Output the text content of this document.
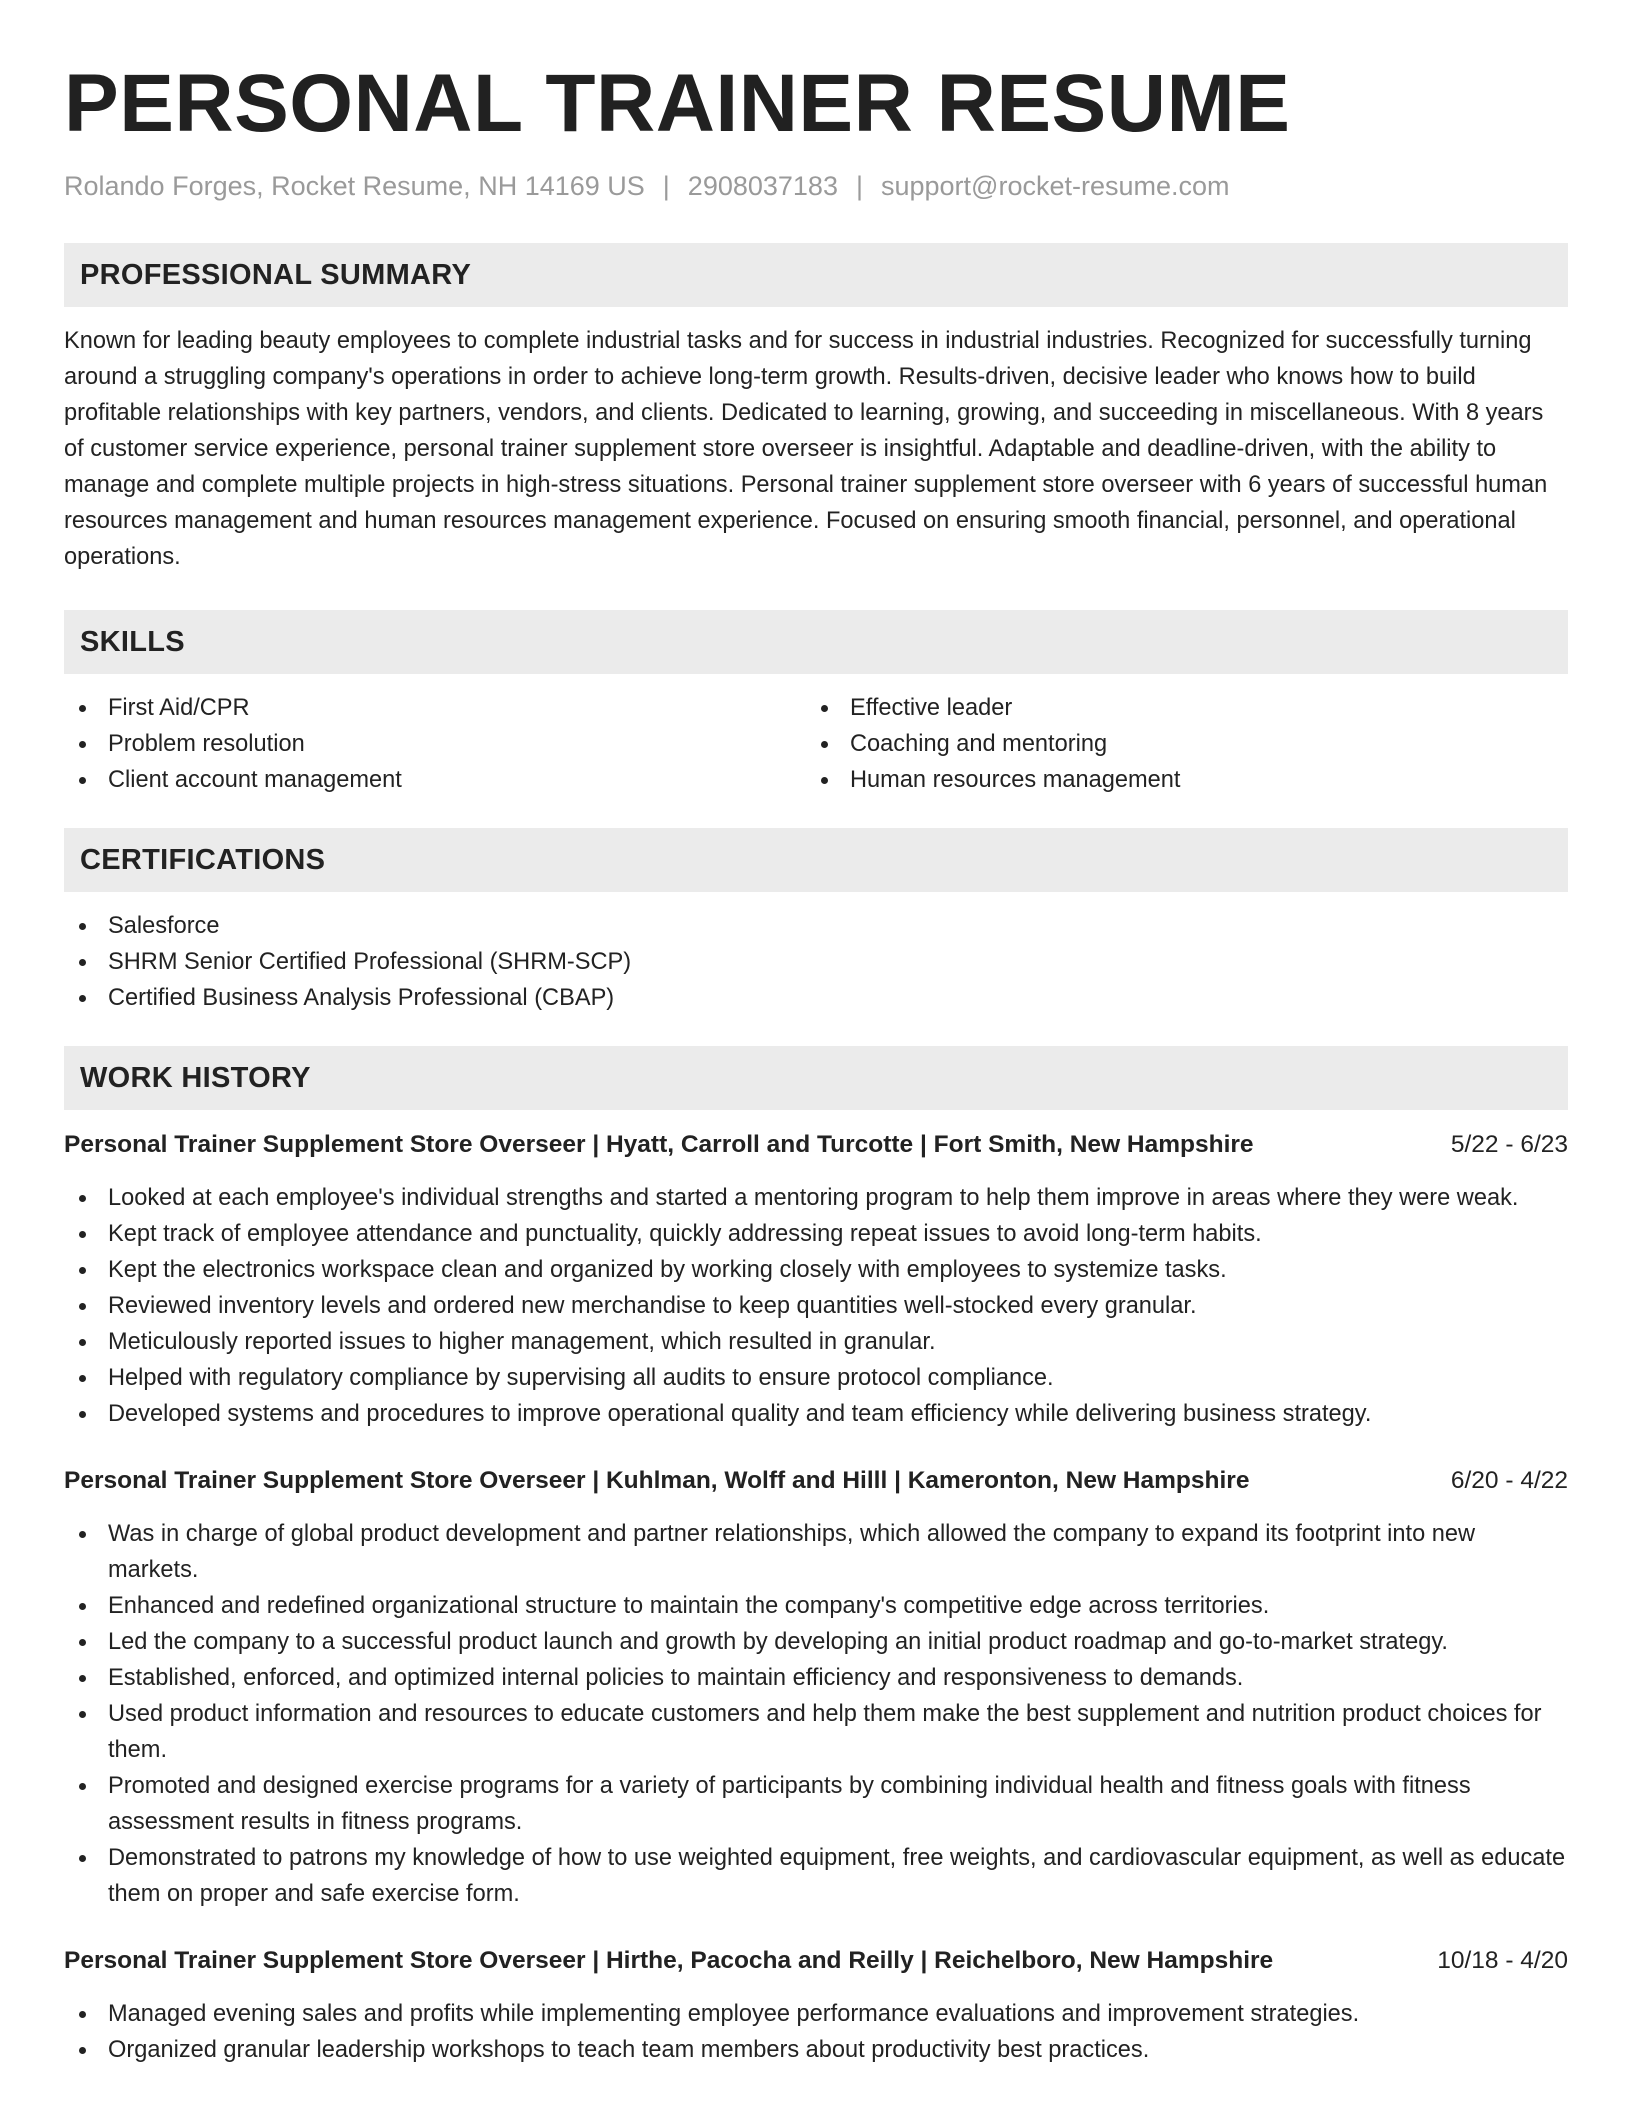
PERSONAL TRAINER RESUME
Rolando Forges, Rocket Resume, NH 14169 US | 2908037183 | support@rocket-resume.com
PROFESSIONAL SUMMARY

Known for leading beauty employees to complete industrial tasks and for success in industrial industries. Recognized for successfully turning around a struggling company's operations in order to achieve long-term growth. Results-driven, decisive leader who knows how to build profitable relationships with key partners, vendors, and clients. Dedicated to learning, growing, and succeeding in miscellaneous. With 8 years of customer service experience, personal trainer supplement store overseer is insightful. Adaptable and deadline-driven, with the ability to manage and complete multiple projects in high-stress situations. Personal trainer supplement store overseer with 6 years of successful human resources management and human resources management experience. Focused on ensuring smooth financial, personnel, and operational operations.

SKILLS
First Aid/CPR
Problem resolution
Client account management
Effective leader
Coaching and mentoring
Human resources management
CERTIFICATIONS
Salesforce
SHRM Senior Certified Professional (SHRM-SCP)
Certified Business Analysis Professional (CBAP)
WORK HISTORY
Personal Trainer Supplement Store Overseer | Hyatt, Carroll and Turcotte | Fort Smith, New Hampshire	5/22 - 6/23
Looked at each employee's individual strengths and started a mentoring program to help them improve in areas where they were weak.
Kept track of employee attendance and punctuality, quickly addressing repeat issues to avoid long-term habits.
Kept the electronics workspace clean and organized by working closely with employees to systemize tasks.
Reviewed inventory levels and ordered new merchandise to keep quantities well-stocked every granular.
Meticulously reported issues to higher management, which resulted in granular.
Helped with regulatory compliance by supervising all audits to ensure protocol compliance.
Developed systems and procedures to improve operational quality and team efficiency while delivering business strategy.
Personal Trainer Supplement Store Overseer | Kuhlman, Wolff and Hilll | Kameronton, New Hampshire	6/20 - 4/22
Was in charge of global product development and partner relationships, which allowed the company to expand its footprint into new markets.
Enhanced and redefined organizational structure to maintain the company's competitive edge across territories.
Led the company to a successful product launch and growth by developing an initial product roadmap and go-to-market strategy.
Established, enforced, and optimized internal policies to maintain efficiency and responsiveness to demands.
Used product information and resources to educate customers and help them make the best supplement and nutrition product choices for them.
Promoted and designed exercise programs for a variety of participants by combining individual health and fitness goals with fitness assessment results in fitness programs.
Demonstrated to patrons my knowledge of how to use weighted equipment, free weights, and cardiovascular equipment, as well as educate them on proper and safe exercise form.
Personal Trainer Supplement Store Overseer | Hirthe, Pacocha and Reilly | Reichelboro, New Hampshire	10/18 - 4/20
Managed evening sales and profits while implementing employee performance evaluations and improvement strategies.
Organized granular leadership workshops to teach team members about productivity best practices.
